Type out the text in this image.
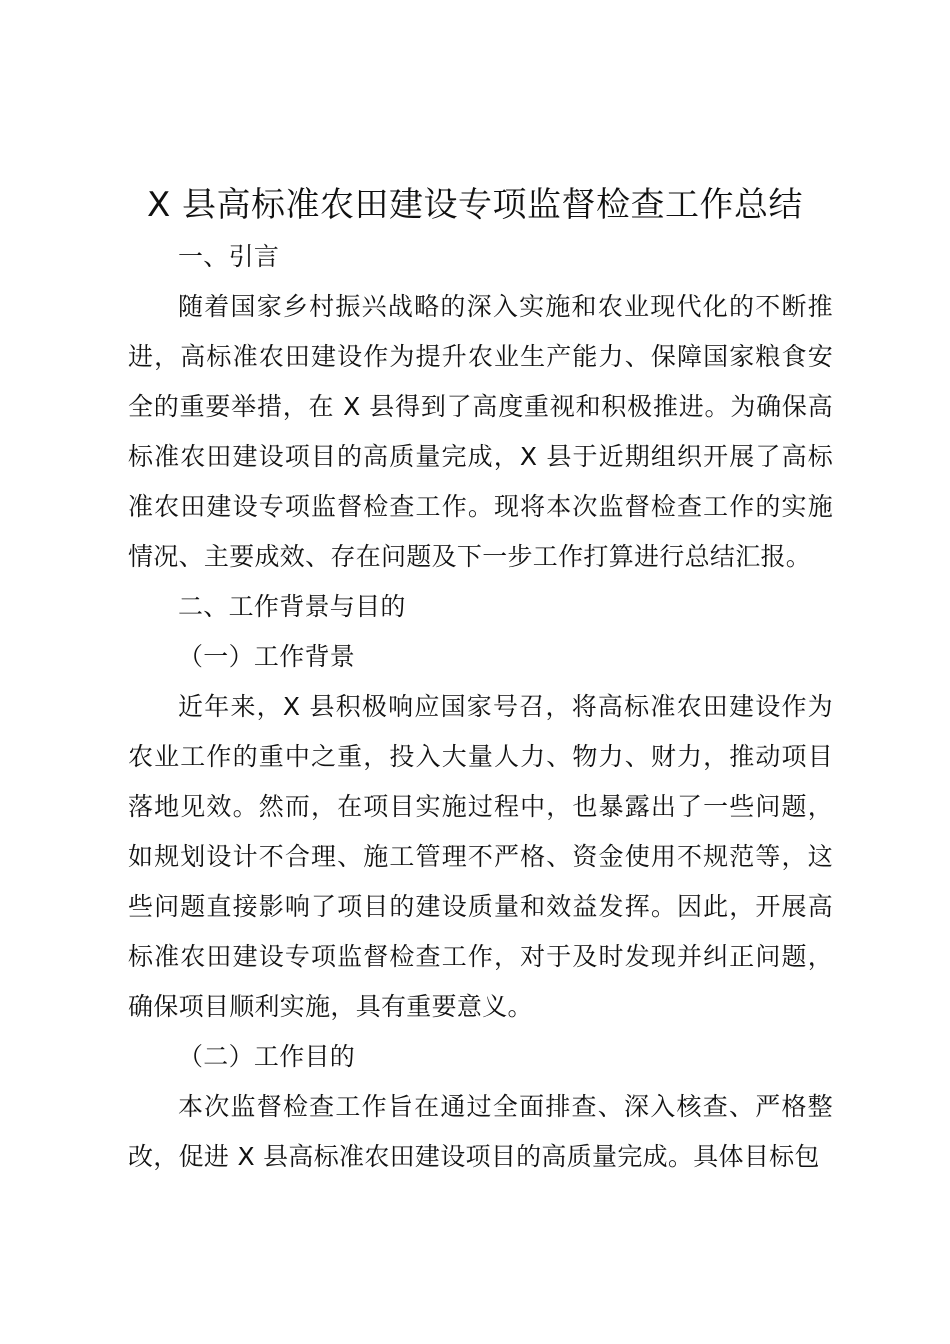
X 县高标准农田建设专项监督检查工作总结

一、引言

随着国家乡村振兴战略的深入实施和农业现代化的不断推进，高标准农田建设作为提升农业生产能力、保障国家粮食安全的重要举措，在 X 县得到了高度重视和积极推进。为确保高标准农田建设项目的高质量完成，X 县于近期组织开展了高标准农田建设专项监督检查工作。现将本次监督检查工作的实施情况、主要成效、存在问题及下一步工作打算进行总结汇报。

二、工作背景与目的

（一）工作背景

近年来，X 县积极响应国家号召，将高标准农田建设作为农业工作的重中之重，投入大量人力、物力、财力，推动项目落地见效。然而，在项目实施过程中，也暴露出了一些问题，如规划设计不合理、施工管理不严格、资金使用不规范等，这些问题直接影响了项目的建设质量和效益发挥。因此，开展高标准农田建设专项监督检查工作，对于及时发现并纠正问题，确保项目顺利实施，具有重要意义。

（二）工作目的

本次监督检查工作旨在通过全面排查、深入核查、严格整改，促进 X 县高标准农田建设项目的高质量完成。具体目标包
